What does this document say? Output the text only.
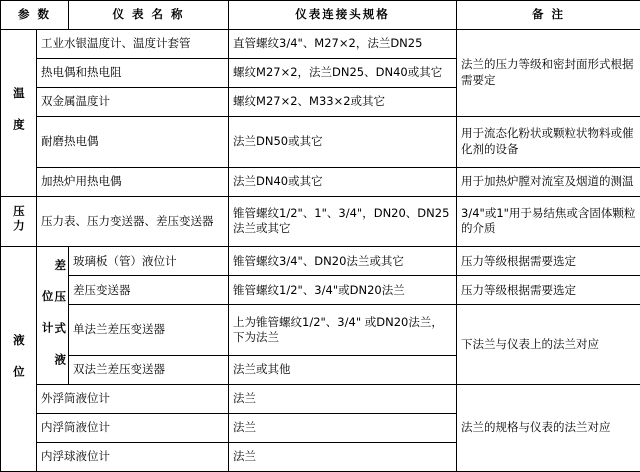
参 数		仪 表 名 称	仪表连接头规格	备 注
温 度	工业水银温度计、温度计套管		直管螺纹3/4"、M27×2，法兰DN25	法兰的压力等级和密封面形式根据需要定
	热电偶和热电阻		螺纹M27×2，法兰DN25、DN40或其它	
	双金属温度计		螺纹M27×2、M33×2或其它	
	耐磨热电偶		法兰DN50或其它	用于流态化粉状或颗粒状物料或催化剂的设备
	加热炉用热电偶		法兰DN40或其它	用于加热炉膛对流室及烟道的测温
压力	压力表、压力变送器、差压变送器		锥管螺纹1/2"、1"、3/4"，DN20、DN25法兰或其它	3/4"或1"用于易结焦或含固体颗粒的介质
液 位	差 压 式 液 位 计	玻璃板（管）液位计	锥管螺纹3/4"、DN20法兰或其它	压力等级根据需要选定
		差压变送器	锥管螺纹1/2"、3/4"或DN20法兰	压力等级根据需要选定
		单法兰差压变送器	上为锥管螺纹1/2"、3/4" 或DN20法兰，下为法兰	下法兰与仪表上的法兰对应
		双法兰差压变送器	法兰或其他	
	外浮筒液位计		法兰	法兰的规格与仪表的法兰对应
	内浮筒液位计		法兰	
	内浮球液位计		法兰	
